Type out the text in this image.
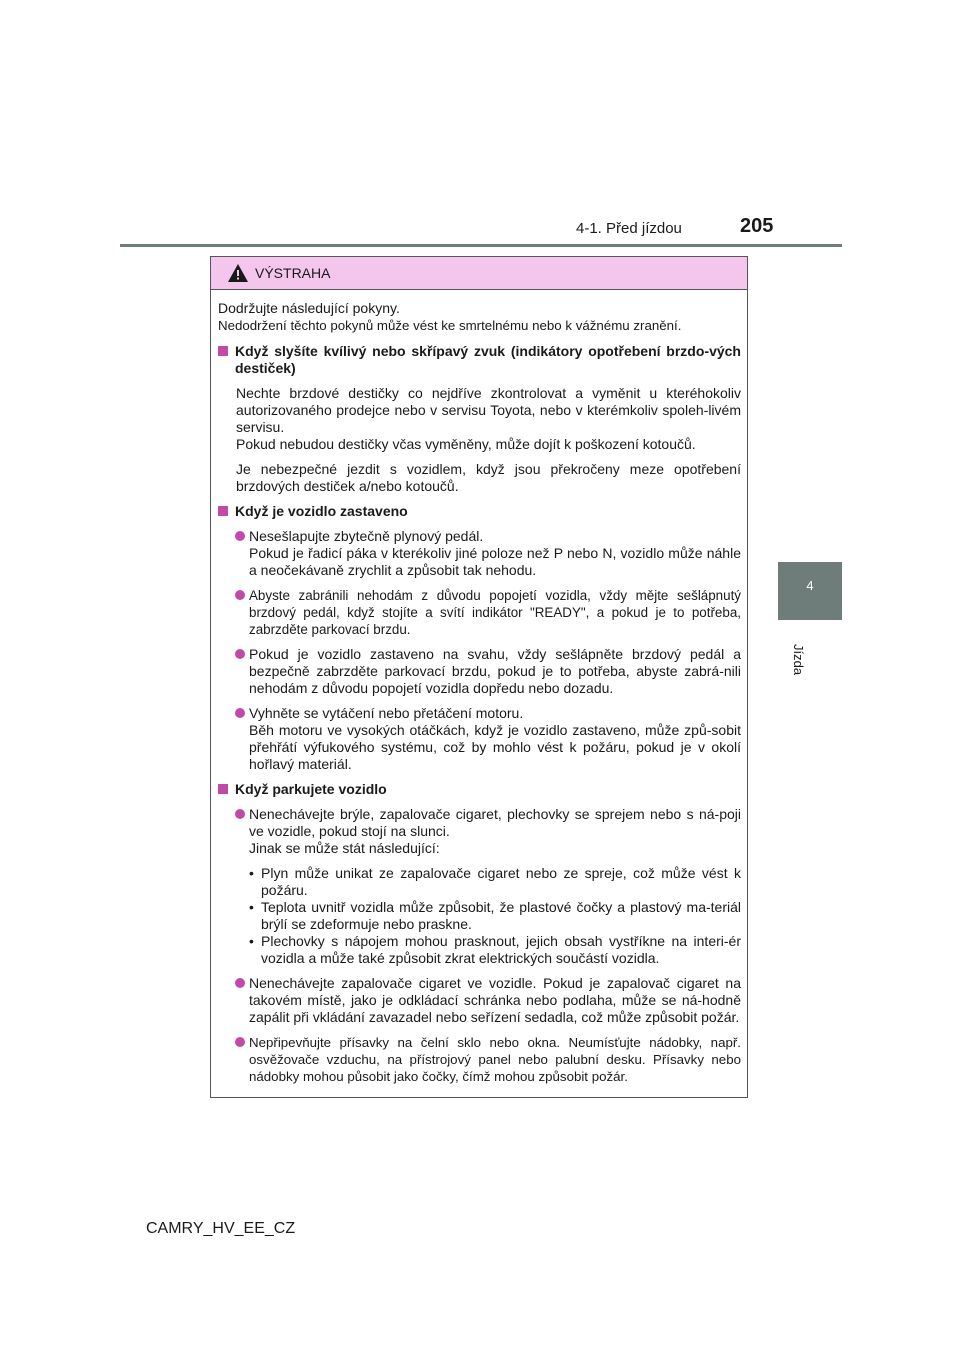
4-1. Před jízdou	205
4
Jízda
VÝSTRAHA

Dodržujte následující pokyny.

Nedodržení těchto pokynů může vést ke smrtelnému nebo k vážnému zranění.

Když slyšíte kvílivý nebo skřípavý zvuk (indikátory opotřebení brzdo-vých destiček)

Nechte brzdové destičky co nejdříve zkontrolovat a vyměnit u kteréhokoliv autorizovaného prodejce nebo v servisu Toyota, nebo v kterémkoliv spoleh-livém servisu.

Pokud nebudou destičky včas vyměněny, může dojít k poškození kotoučů.

Je nebezpečné jezdit s vozidlem, když jsou překročeny meze opotřebení brzdových destiček a/nebo kotoučů.
Když je vozidlo zastaveno

Nesešlapujte zbytečně plynový pedál.

Pokud je řadicí páka v kterékoliv jiné poloze než P nebo N, vozidlo může náhle a neočekávaně zrychlit a způsobit tak nehodu.

Abyste zabránili nehodám z důvodu popojetí vozidla, vždy mějte sešlápnutý brzdový pedál, když stojíte a svítí indikátor "READY", a pokud je to potřeba, zabrzděte parkovací brzdu.
Pokud je vozidlo zastaveno na svahu, vždy sešlápněte brzdový pedál a bezpečně zabrzděte parkovací brzdu, pokud je to potřeba, abyste zabrá-nili nehodám z důvodu popojetí vozidla dopředu nebo dozadu.

Vyhněte se vytáčení nebo přetáčení motoru.

Běh motoru ve vysokých otáčkách, když je vozidlo zastaveno, může způ-sobit přehřátí výfukového systému, což by mohlo vést k požáru, pokud je v okolí hořlavý materiál.

Když parkujete vozidlo

Nenechávejte brýle, zapalovače cigaret, plechovky se sprejem nebo s ná-poji ve vozidle, pokud stojí na slunci.

Jinak se může stát následující:

• Plyn může unikat ze zapalovače cigaret nebo ze spreje, což může vést k požáru.
• Teplota uvnitř vozidla může způsobit, že plastové čočky a plastový ma-teriál brýlí se zdeformuje nebo praskne.
• Plechovky s nápojem mohou prasknout, jejich obsah vystříkne na interi-ér vozidla a může také způsobit zkrat elektrických součástí vozidla.
Nenechávejte zapalovače cigaret ve vozidle. Pokud je zapalovač cigaret na takovém místě, jako je odkládací schránka nebo podlaha, může se ná-hodně zapálit při vkládání zavazadel nebo seřízení sedadla, což může způsobit požár.
Nepřipevňujte přísavky na čelní sklo nebo okna. Neumísťujte nádobky, např. osvěžovače vzduchu, na přístrojový panel nebo palubní desku. Přísavky nebo nádobky mohou působit jako čočky, čímž mohou způsobit požár.
CAMRY_HV_EE_CZ
